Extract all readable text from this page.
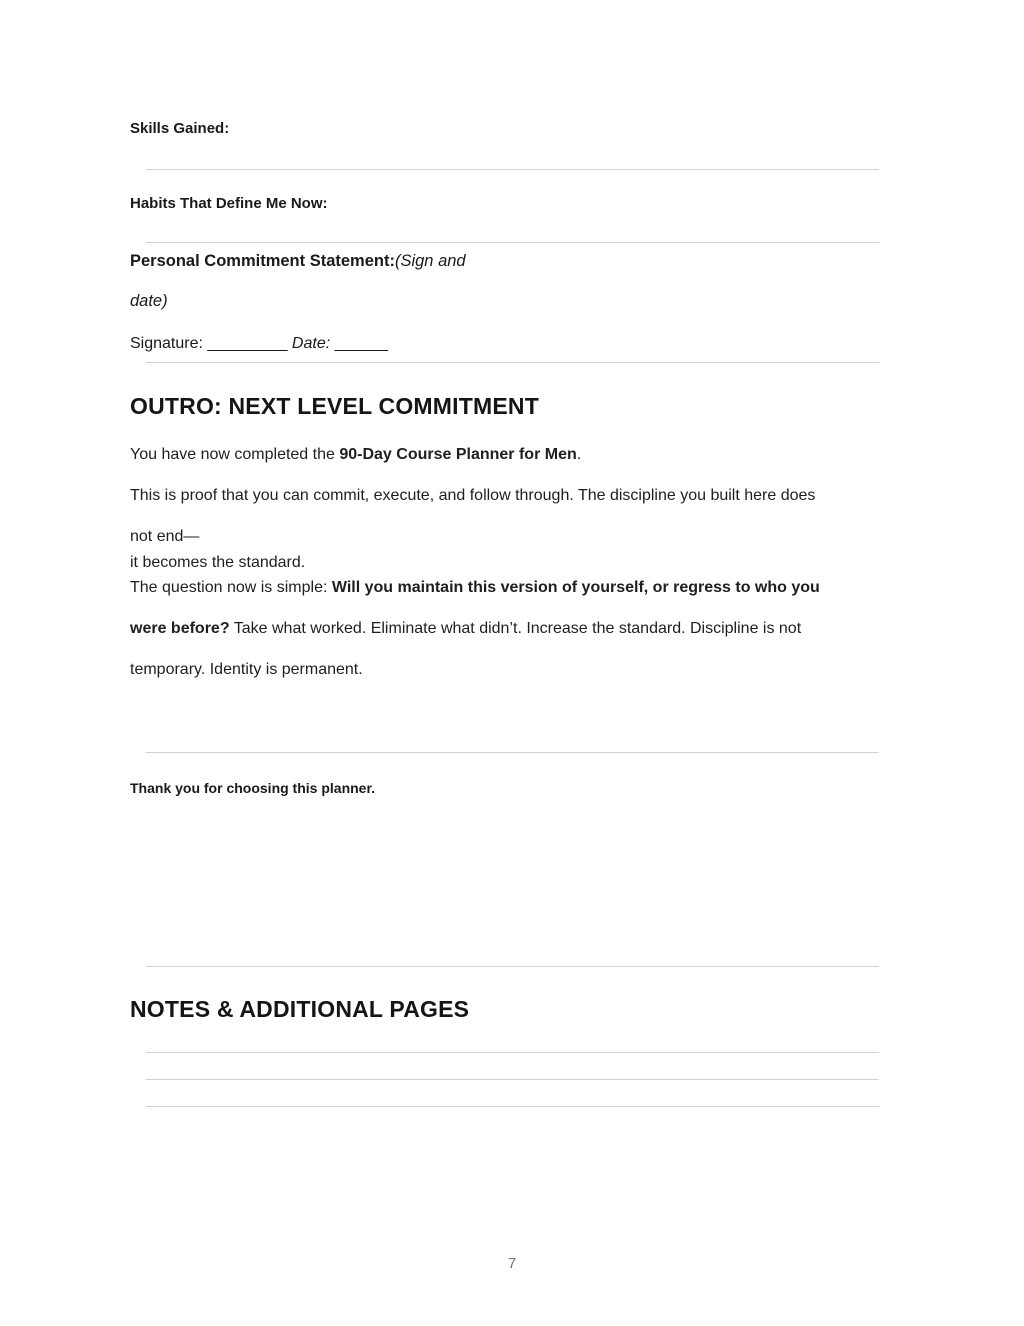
Skills Gained:
Habits That Define Me Now:

Personal Commitment Statement:(Sign and

date)

Signature: _________ Date: ______

OUTRO: NEXT LEVEL COMMITMENT

You have now completed the 90-Day Course Planner for Men.

This is proof that you can commit, execute, and follow through. The discipline you built here does

not end—

it becomes the standard.

The question now is simple: Will you maintain this version of yourself, or regress to who you

were before? Take what worked. Eliminate what didn’t. Increase the standard. Discipline is not

temporary. Identity is permanent.

Thank you for choosing this planner.

NOTES & ADDITIONAL PAGES
7
